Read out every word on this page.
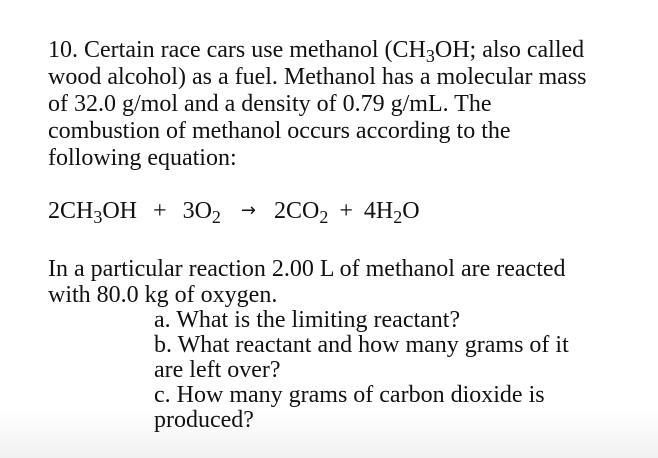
10. Certain race cars use methanol ($CH_3OH$; also called
wood alcohol) as a fuel. Methanol has a molecular mass
of 32.0 g/mol and a density of 0.79 g/mL. The
combustion of methanol occurs according to the
following equation:
$2CH_3OH + 3O_2 \to 2CO_2 + 4H_2O$
In a particular reaction 2.00 L of methanol are reacted
with 80.0 kg of oxygen.
a. What is the limiting reactant?
b. What reactant and how many grams of it
are left over?
c. How many grams of carbon dioxide is
produced?
